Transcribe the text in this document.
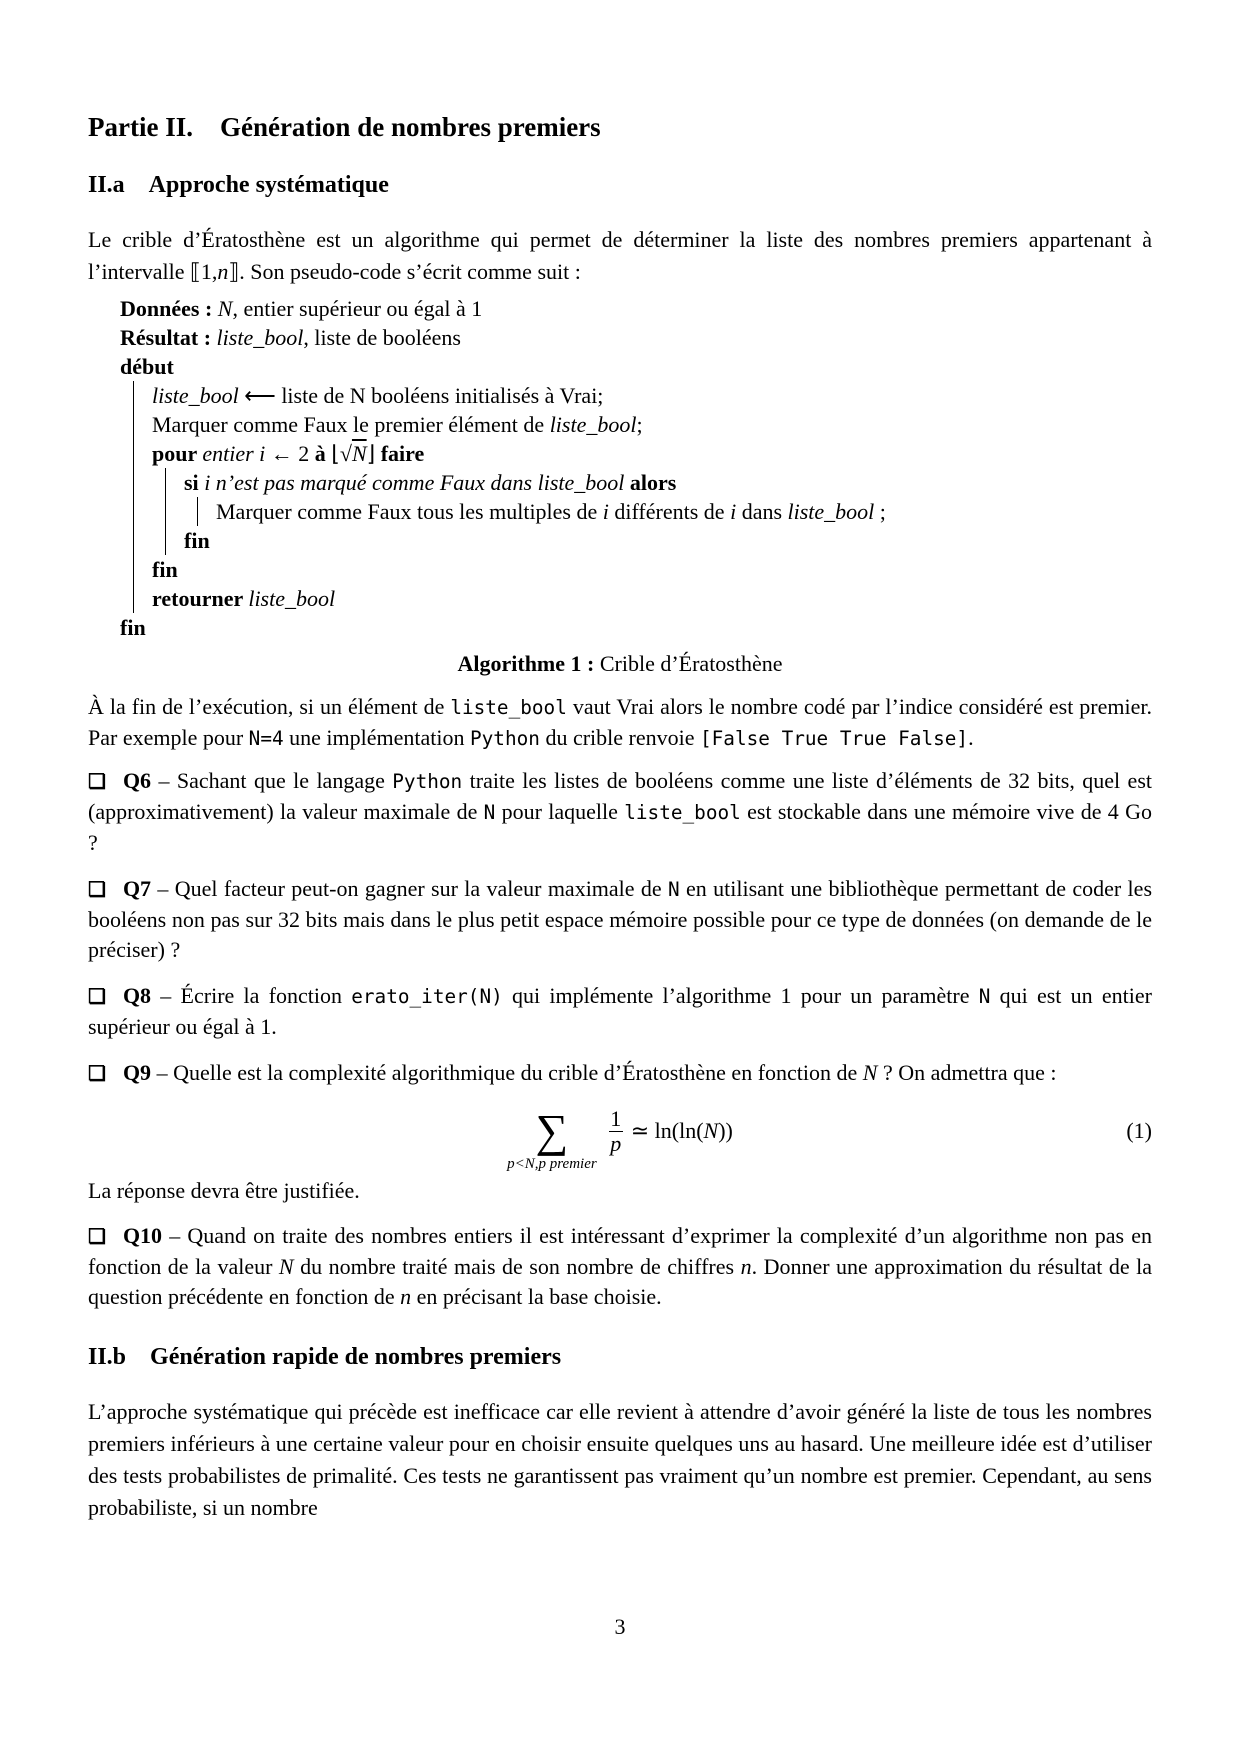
Partie II. Génération de nombres premiers
II.a Approche systématique

Le crible d’Ératosthène est un algorithme qui permet de déterminer la liste des nombres premiers appartenant à l’intervalle ⟦1,n⟧. Son pseudo-code s’écrit comme suit :

Données : N, entier supérieur ou égal à 1
Résultat : liste_bool, liste de booléens
début
liste_bool ⟵ liste de N booléens initialisés à Vrai;
Marquer comme Faux le premier élément de liste_bool;
pour entier i ← 2 à ⌊√N⌋ faire
si i n’est pas marqué comme Faux dans liste_bool alors
Marquer comme Faux tous les multiples de i différents de i dans liste_bool ;
fin
fin
retourner liste_bool
fin
Algorithme 1 : Crible d’Ératosthène

À la fin de l’exécution, si un élément de liste_bool vaut Vrai alors le nombre codé par l’indice considéré est premier. Par exemple pour N=4 une implémentation Python du crible renvoie [False True True False].

❏ Q6 – Sachant que le langage Python traite les listes de booléens comme une liste d’éléments de 32 bits, quel est (approximativement) la valeur maximale de N pour laquelle liste_bool est stockable dans une mémoire vive de 4 Go ?

❏ Q7 – Quel facteur peut-on gagner sur la valeur maximale de N en utilisant une bibliothèque permettant de coder les booléens non pas sur 32 bits mais dans le plus petit espace mémoire possible pour ce type de données (on demande de le préciser) ?

❏ Q8 – Écrire la fonction erato_iter(N) qui implémente l’algorithme 1 pour un paramètre N qui est un entier supérieur ou égal à 1.

❏ Q9 – Quelle est la complexité algorithmique du crible d’Ératosthène en fonction de N ? On admettra que :

∑
p<N,p premier
$\frac{1}{p}$ ≃ ln(ln(N))	(1)

La réponse devra être justifiée.

❏ Q10 – Quand on traite des nombres entiers il est intéressant d’exprimer la complexité d’un algorithme non pas en fonction de la valeur N du nombre traité mais de son nombre de chiffres n. Donner une approximation du résultat de la question précédente en fonction de n en précisant la base choisie.

II.b Génération rapide de nombres premiers

L’approche systématique qui précède est inefficace car elle revient à attendre d’avoir généré la liste de tous les nombres premiers inférieurs à une certaine valeur pour en choisir ensuite quelques uns au hasard. Une meilleure idée est d’utiliser des tests probabilistes de primalité. Ces tests ne garantissent pas vraiment qu’un nombre est premier. Cependant, au sens probabiliste, si un nombre

3
